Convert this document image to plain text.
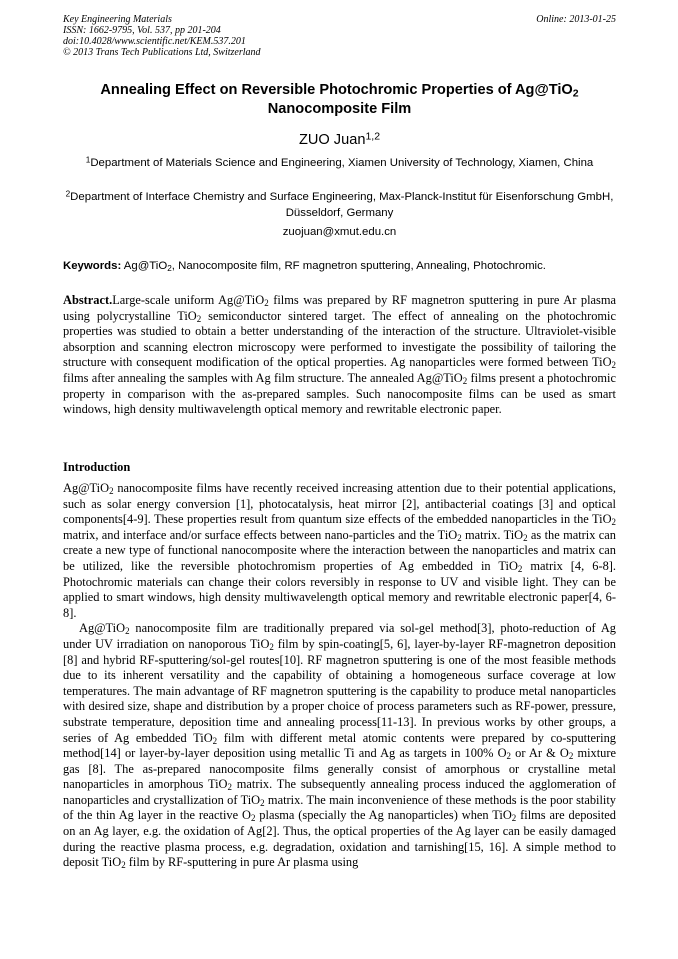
Key Engineering Materials
ISSN: 1662-9795, Vol. 537, pp 201-204
doi:10.4028/www.scientific.net/KEM.537.201
© 2013 Trans Tech Publications Ltd, Switzerland
Online: 2013-01-25
Annealing Effect on Reversible Photochromic Properties of Ag@TiO$_2$
Nanocomposite Film
ZUO Juan$^{1,2}$
$^1$Department of Materials Science and Engineering, Xiamen University of Technology, Xiamen, China
$^2$Department of Interface Chemistry and Surface Engineering, Max-Planck-Institut für Eisenforschung GmbH, Düsseldorf, Germany
zuojuan@xmut.edu.cn
Keywords: Ag@TiO$_2$, Nanocomposite film, RF magnetron sputtering, Annealing, Photochromic.

Abstract.Large-scale uniform Ag@TiO$_2$ films was prepared by RF magnetron sputtering in pure Ar plasma using polycrystalline TiO$_2$ semiconductor sintered target. The effect of annealing on the photochromic properties was studied to obtain a better understanding of the interaction of the structure. Ultraviolet-visible absorption and scanning electron microscopy were performed to investigate the possibility of tailoring the structure with consequent modification of the optical properties. Ag nanoparticles were formed between TiO$_2$ films after annealing the samples with Ag film structure. The annealed Ag@TiO$_2$ films present a photochromic property in comparison with the as-prepared samples. Such nanocomposite films can be used as smart windows, high density multiwavelength optical memory and rewritable electronic paper.

Introduction

Ag@TiO$_2$ nanocomposite films have recently received increasing attention due to their potential applications, such as solar energy conversion [1], photocatalysis, heat mirror [2], antibacterial coatings [3] and optical components[4-9]. These properties result from quantum size effects of the embedded nanoparticles in the TiO$_2$ matrix, and interface and/or surface effects between nano-particles and the TiO$_2$ matrix. TiO$_2$ as the matrix can create a new type of functional nanocomposite where the interaction between the nanoparticles and matrix can be utilized, like the reversible photochromism properties of Ag embedded in TiO$_2$ matrix [4, 6-8]. Photochromic materials can change their colors reversibly in response to UV and visible light. They can be applied to smart windows, high density multiwavelength optical memory and rewritable electronic paper[4, 6-8].

Ag@TiO$_2$ nanocomposite film are traditionally prepared via sol-gel method[3], photo-reduction of Ag under UV irradiation on nanoporous TiO$_2$ film by spin-coating[5, 6], layer-by-layer RF-magnetron deposition [8] and hybrid RF-sputtering/sol-gel routes[10]. RF magnetron sputtering is one of the most feasible methods due to its inherent versatility and the capability of obtaining a homogeneous surface coverage at low temperatures. The main advantage of RF magnetron sputtering is the capability to produce metal nanoparticles with desired size, shape and distribution by a proper choice of process parameters such as RF-power, pressure, substrate temperature, deposition time and annealing process[11-13]. In previous works by other groups, a series of Ag embedded TiO$_2$ film with different metal atomic contents were prepared by co-sputtering method[14] or layer-by-layer deposition using metallic Ti and Ag as targets in 100% $O_2$ or Ar & $O_2$ mixture gas [8]. The as-prepared nanocomposite films generally consist of amorphous or crystalline metal nanoparticles in amorphous TiO$_2$ matrix. The subsequently annealing process induced the agglomeration of nanoparticles and crystallization of TiO$_2$ matrix. The main inconvenience of these methods is the poor stability of the thin Ag layer in the reactive $O_2$ plasma (specially the Ag nanoparticles) when TiO$_2$ films are deposited on an Ag layer, e.g. the oxidation of Ag[2]. Thus, the optical properties of the Ag layer can be easily damaged during the reactive plasma process, e.g. degradation, oxidation and tarnishing[15, 16]. A simple method to deposit TiO$_2$ film by RF-sputtering in pure Ar plasma using
